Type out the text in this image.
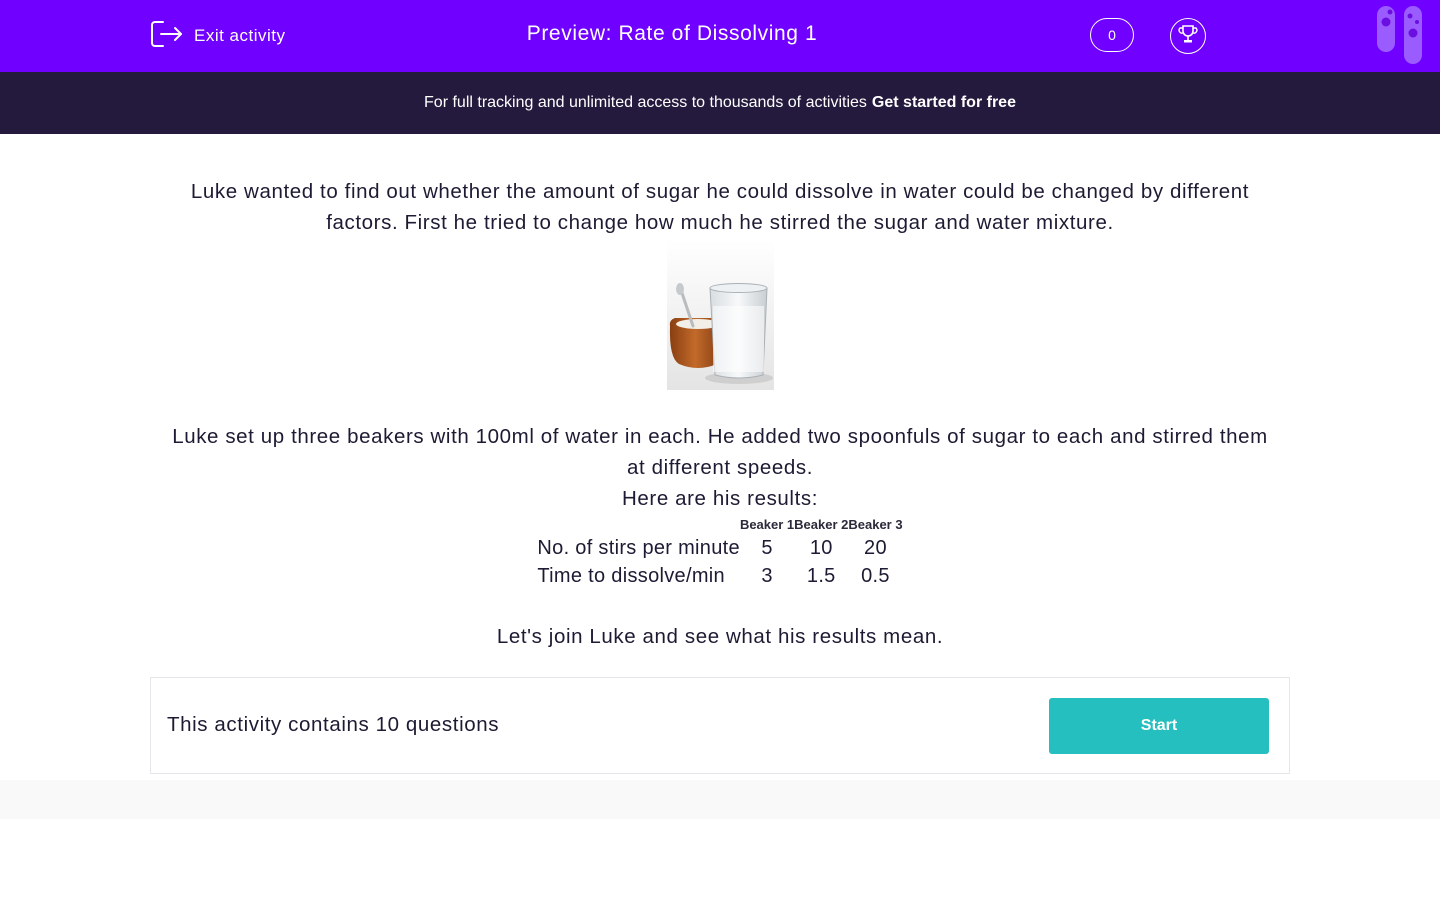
Exit activity	Preview: Rate of Dissolving 1	0
For full tracking and unlimited access to thousands of activities Get started for free

Luke wanted to find out whether the amount of sugar he could dissolve in water could be changed by different factors. First he tried to change how much he stirred the sugar and water mixture.

Luke set up three beakers with 100ml of water in each. He added two spoonfuls of sugar to each and stirred them at different speeds.

Here are his results:

	Beaker 1	Beaker 2	Beaker 3
No. of stirs per minute	5	10	20
Time to dissolve/min	3	1.5	0.5

Let's join Luke and see what his results mean.

This activity contains 10 questions	Start
